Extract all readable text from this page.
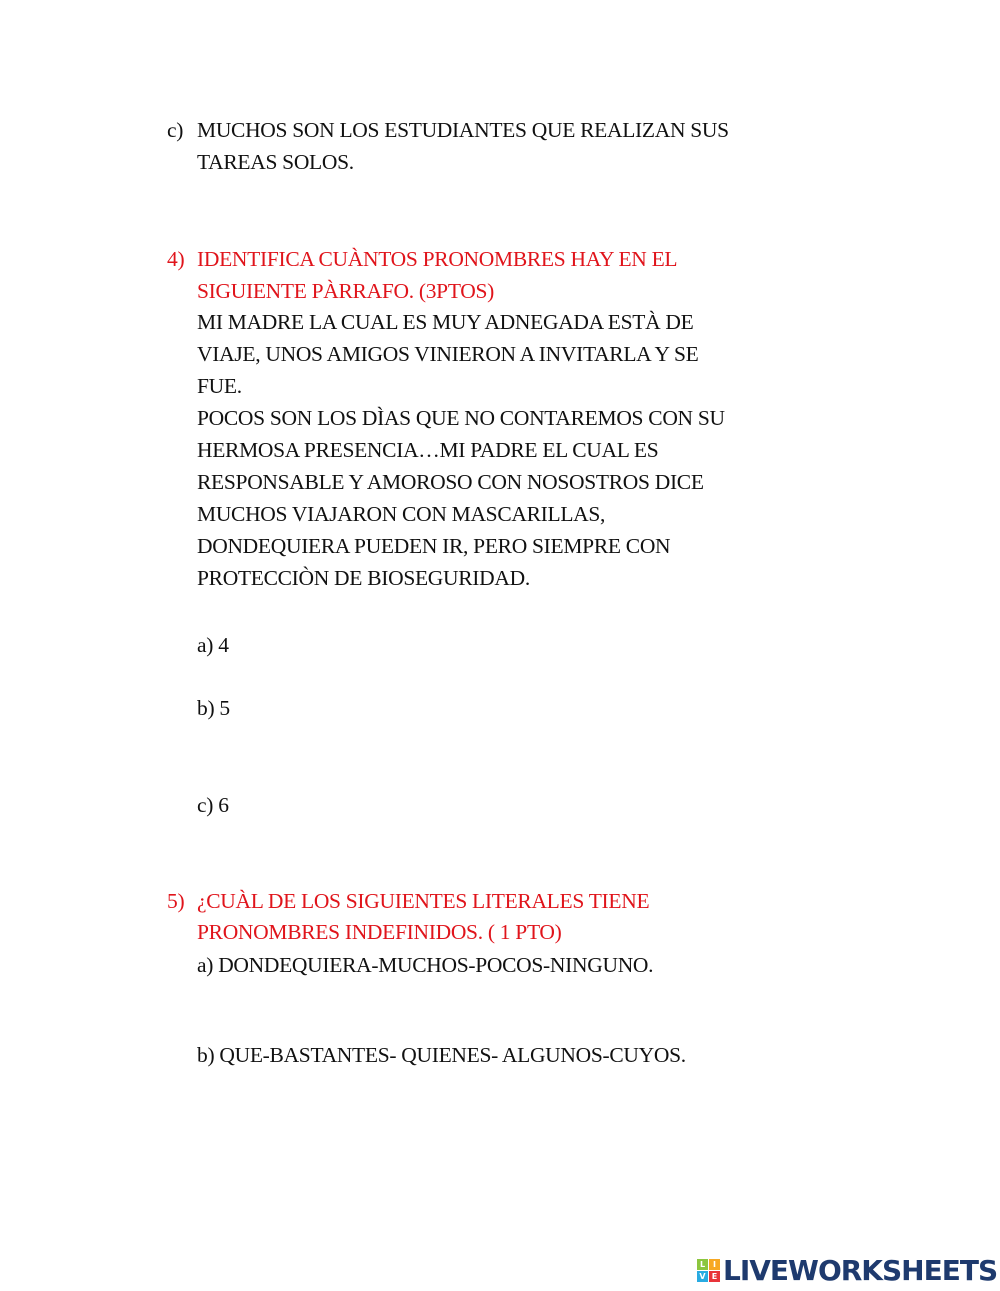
c) MUCHOS SON LOS ESTUDIANTES QUE REALIZAN SUS
TAREAS SOLOS.
4) IDENTIFICA CUÀNTOS PRONOMBRES HAY EN EL
SIGUIENTE PÀRRAFO. (3PTOS)
MI MADRE LA CUAL ES MUY ADNEGADA ESTÀ DE
VIAJE, UNOS AMIGOS VINIERON A INVITARLA Y SE
FUE.
POCOS SON LOS DÌAS QUE NO CONTAREMOS CON SU
HERMOSA PRESENCIA…MI PADRE EL CUAL ES
RESPONSABLE Y AMOROSO CON NOSOSTROS DICE
MUCHOS VIAJARON CON MASCARILLAS,
DONDEQUIERA PUEDEN IR, PERO SIEMPRE CON
PROTECCIÒN DE BIOSEGURIDAD.
a) 4
b) 5
c) 6
5) ¿CUÀL DE LOS SIGUIENTES LITERALES TIENE
PRONOMBRES INDEFINIDOS. ( 1 PTO)
a) DONDEQUIERA-MUCHOS-POCOS-NINGUNO.
b) QUE-BASTANTES- QUIENES- ALGUNOS-CUYOS.
L I
V E LIVEWORKSHEETS
